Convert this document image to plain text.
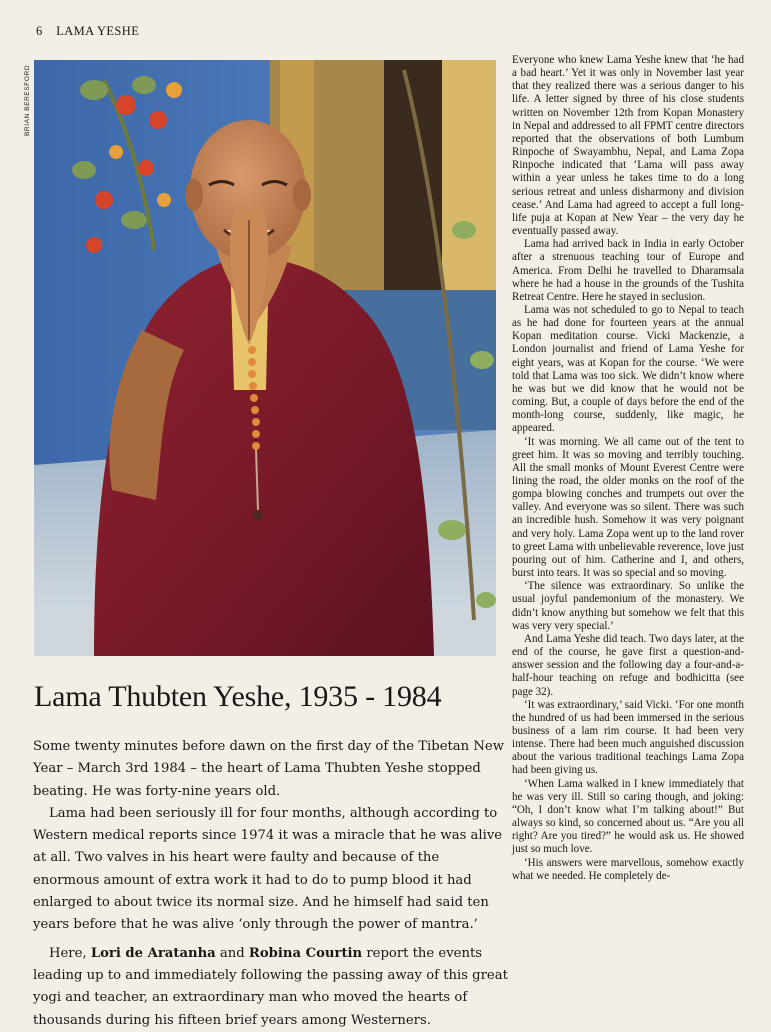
6 LAMA YESHE
BRIAN BERESFORD
Lama Thubten Yeshe, 1935 - 1984

Some twenty minutes before dawn on the first day of the Tibetan New Year – March 3rd 1984 – the heart of Lama Thubten Yeshe stopped beating. He was forty-nine years old.

Lama had been seriously ill for four months, although according to Western medical reports since 1974 it was a miracle that he was alive at all. Two valves in his heart were faulty and because of the enormous amount of extra work it had to do to pump blood it had enlarged to about twice its normal size. And he himself had said ten years before that he was alive ‘only through the power of mantra.’

Here, Lori de Aratanha and Robina Courtin report the events leading up to and immediately following the passing away of this great yogi and teacher, an extraordinary man who moved the hearts of thousands during his fifteen brief years among Westerners.

Everyone who knew Lama Yeshe knew that ‘he had a bad heart.’ Yet it was only in November last year that they realized there was a serious danger to his life. A letter signed by three of his close students written on November 12th from Kopan Monastery in Nepal and addressed to all FPMT centre directors reported that the observations of both Lumbum Rinpoche of Swayambhu, Nepal, and Lama Zopa Rinpoche indicated that ‘Lama will pass away within a year unless he takes time to do a long serious retreat and unless disharmony and division cease.’ And Lama had agreed to accept a full long-life puja at Kopan at New Year – the very day he eventually passed away.

Lama had arrived back in India in early October after a strenuous teaching tour of Europe and America. From Delhi he travelled to Dharamsala where he had a house in the grounds of the Tushita Retreat Centre. Here he stayed in seclusion.

Lama was not scheduled to go to Nepal to teach as he had done for fourteen years at the annual Kopan meditation course. Vicki Mackenzie, a London journalist and friend of Lama Yeshe for eight years, was at Kopan for the course. ‘We were told that Lama was too sick. We didn’t know where he was but we did know that he would not be coming. But, a couple of days before the end of the month-long course, suddenly, like magic, he appeared.

‘It was morning. We all came out of the tent to greet him. It was so moving and terribly touching. All the small monks of Mount Everest Centre were lining the road, the older monks on the roof of the gompa blowing conches and trumpets out over the valley. And everyone was so silent. There was such an incredible hush. Somehow it was very poignant and very holy. Lama Zopa went up to the land rover to greet Lama with unbelievable reverence, love just pouring out of him. Catherine and I, and others, burst into tears. It was so special and so moving.

‘The silence was extraordinary. So unlike the usual joyful pandemonium of the monastery. We didn’t know anything but somehow we felt that this was very very special.’

And Lama Yeshe did teach. Two days later, at the end of the course, he gave first a question-and-answer session and the following day a four-and-a-half-hour teaching on refuge and bodhicitta (see page 32).

‘It was extraordinary,’ said Vicki. ‘For one month the hundred of us had been immersed in the serious business of a lam rim course. It had been very intense. There had been much anguished discussion about the various traditional teachings Lama Zopa had been giving us.

‘When Lama walked in I knew immediately that he was very ill. Still so caring though, and joking: “Oh, I don’t know what I’m talking about!” But always so kind, so concerned about us. “Are you all right? Are you tired?” he would ask us. He showed just so much love.

‘His answers were marvellous, somehow exactly what we needed. He completely de-
